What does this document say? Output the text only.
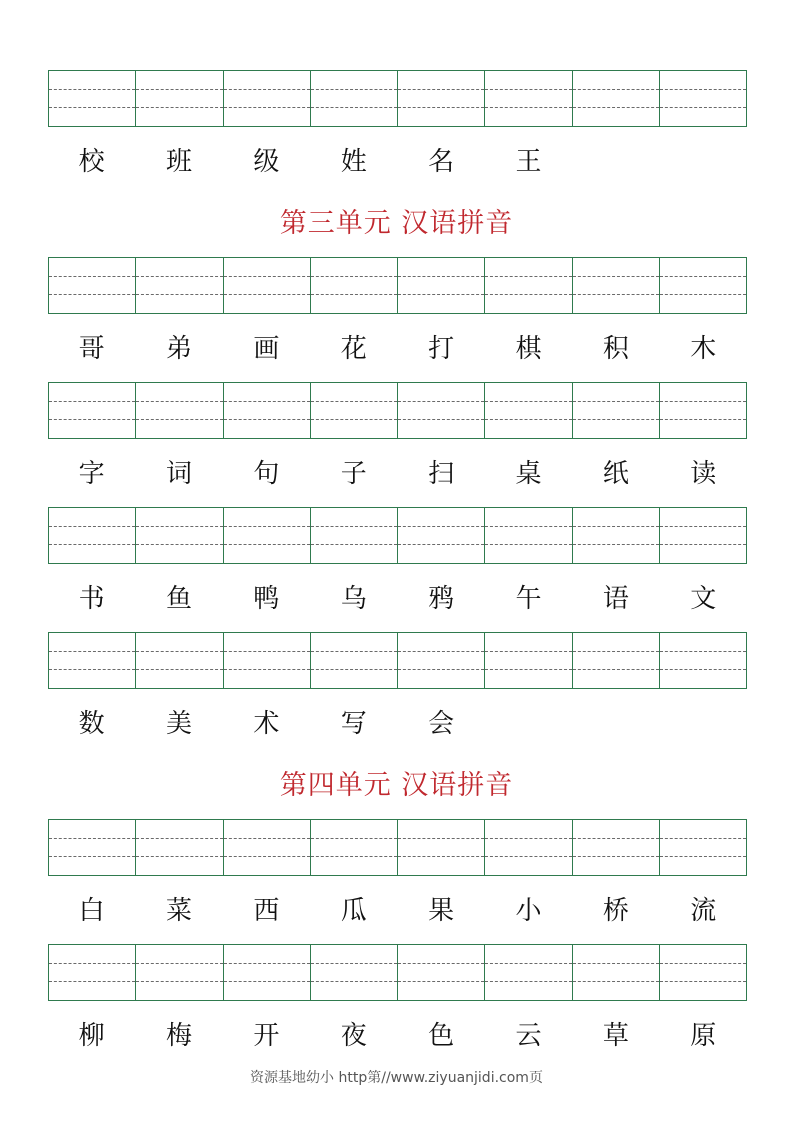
校	班	级	姓	名	王
第三单元 汉语拼音
哥	弟	画	花	打	棋	积	木
字	词	句	子	扫	桌	纸	读
书	鱼	鸭	乌	鸦	午	语	文
数	美	术	写	会
第四单元 汉语拼音
白	菜	西	瓜	果	小	桥	流
柳	梅	开	夜	色	云	草	原
资源基地幼小 http第//www.ziyuanjidi.com页
